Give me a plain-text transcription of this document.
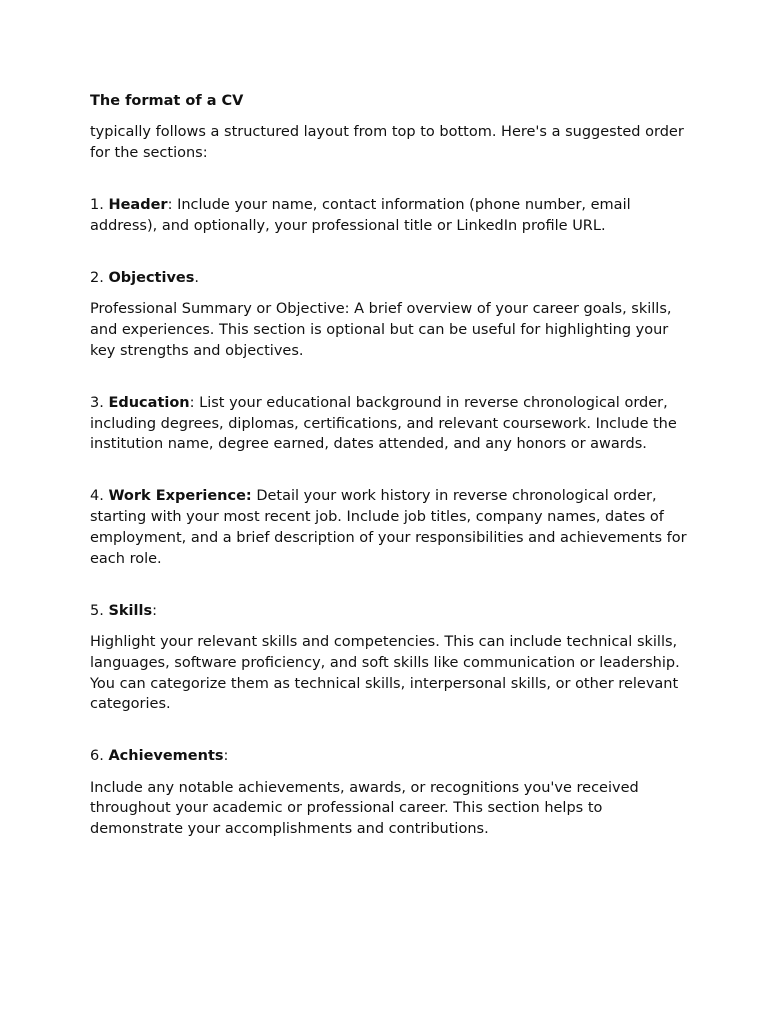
The format of a CV

typically follows a structured layout from top to bottom. Here's a suggested order for the sections:

1. Header: Include your name, contact information (phone number, email address), and optionally, your professional title or LinkedIn profile URL.

2. Objectives.

Professional Summary or Objective: A brief overview of your career goals, skills, and experiences. This section is optional but can be useful for highlighting your key strengths and objectives.

3. Education: List your educational background in reverse chronological order, including degrees, diplomas, certifications, and relevant coursework. Include the institution name, degree earned, dates attended, and any honors or awards.

4. Work Experience: Detail your work history in reverse chronological order, starting with your most recent job. Include job titles, company names, dates of employment, and a brief description of your responsibilities and achievements for each role.

5. Skills:

Highlight your relevant skills and competencies. This can include technical skills, languages, software proficiency, and soft skills like communication or leadership. You can categorize them as technical skills, interpersonal skills, or other relevant categories.

6. Achievements:

Include any notable achievements, awards, or recognitions you've received throughout your academic or professional career. This section helps to demonstrate your accomplishments and contributions.
